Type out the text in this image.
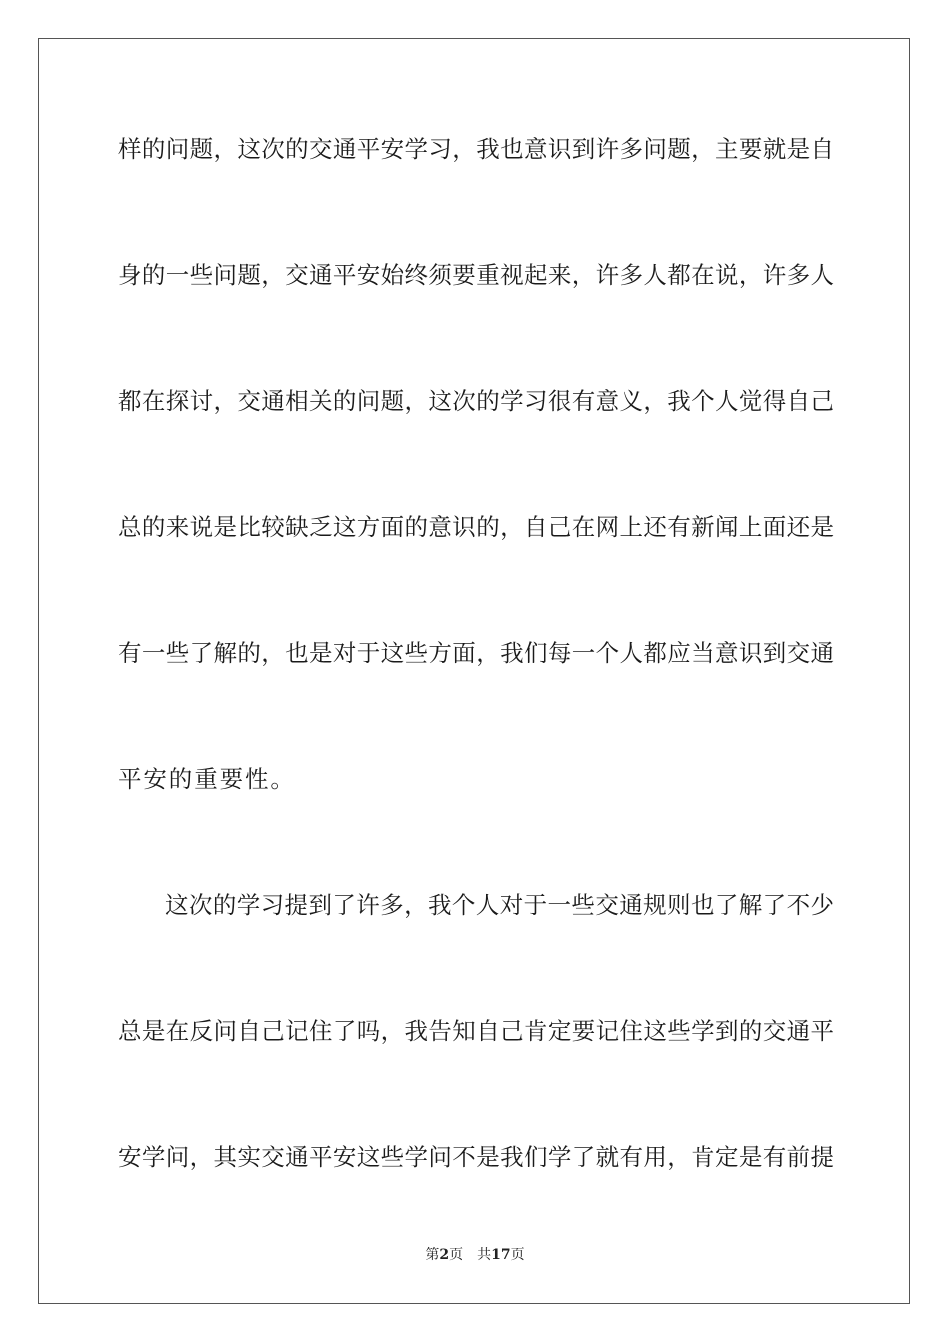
样的问题，这次的交通平安学习，我也意识到许多问题，主要就是自
身的一些问题，交通平安始终须要重视起来，许多人都在说，许多人
都在探讨，交通相关的问题，这次的学习很有意义，我个人觉得自己
总的来说是比较缺乏这方面的意识的，自己在网上还有新闻上面还是
有一些了解的，也是对于这些方面，我们每一个人都应当意识到交通
平安的重要性。
这次的学习提到了许多，我个人对于一些交通规则也了解了不少
总是在反问自己记住了吗，我告知自己肯定要记住这些学到的交通平
安学问，其实交通平安这些学问不是我们学了就有用，肯定是有前提
第2页 共17页
